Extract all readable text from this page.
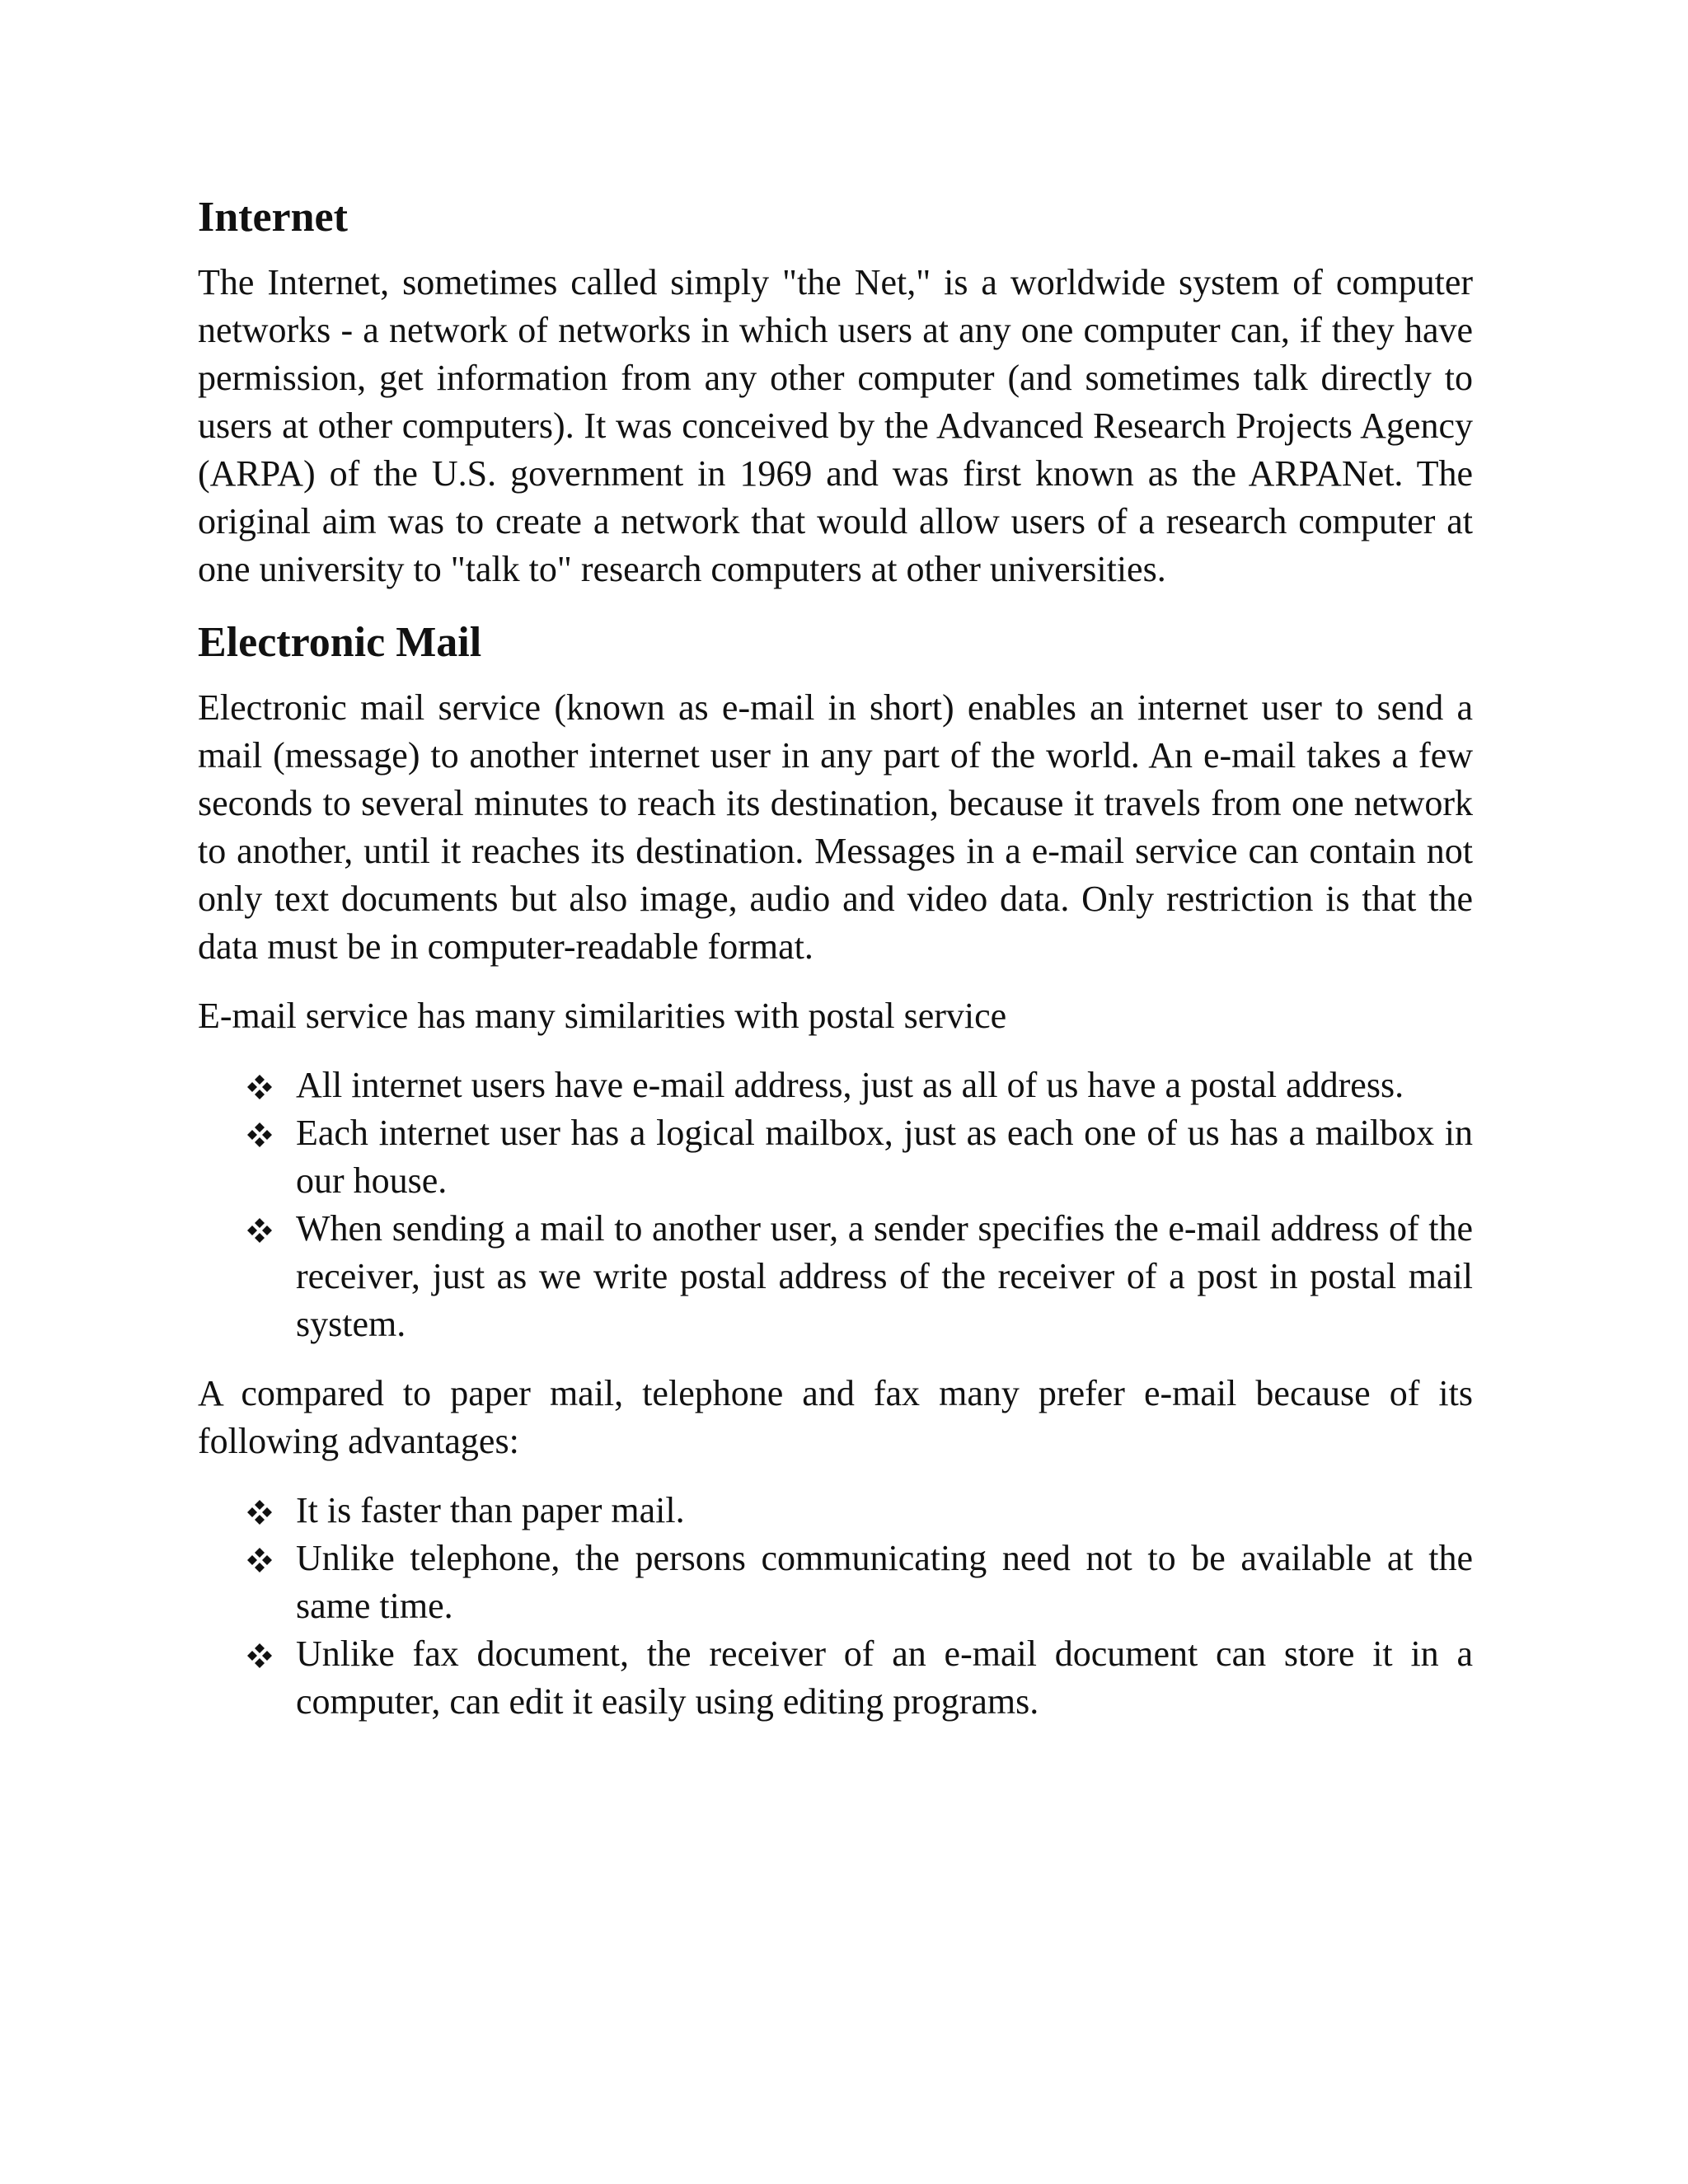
Internet

The Internet, sometimes called simply "the Net," is a worldwide system of computer networks - a network of networks in which users at any one computer can, if they have permission, get information from any other computer (and sometimes talk directly to users at other computers). It was conceived by the Advanced Research Projects Agency (ARPA) of the U.S. government in 1969 and was first known as the ARPANet. The original aim was to create a network that would allow users of a research computer at one university to "talk to" research computers at other universities.

Electronic Mail

Electronic mail service (known as e-mail in short) enables an internet user to send a mail (message) to another internet user in any part of the world. An e-mail takes a few seconds to several minutes to reach its destination, because it travels from one network to another, until it reaches its destination. Messages in a e-mail service can contain not only text documents but also image, audio and video data. Only restriction is that the data must be in computer-readable format.

E-mail service has many similarities with postal service

All internet users have e-mail address, just as all of us have a postal address.
Each internet user has a logical mailbox, just as each one of us has a mailbox in our house.
When sending a mail to another user, a sender specifies the e-mail address of the receiver, just as we write postal address of the receiver of a post in postal mail system.

A compared to paper mail, telephone and fax many prefer e-mail because of its following advantages:

It is faster than paper mail.
Unlike telephone, the persons communicating need not to be available at the same time.
Unlike fax document, the receiver of an e-mail document can store it in a computer, can edit it easily using editing programs.
